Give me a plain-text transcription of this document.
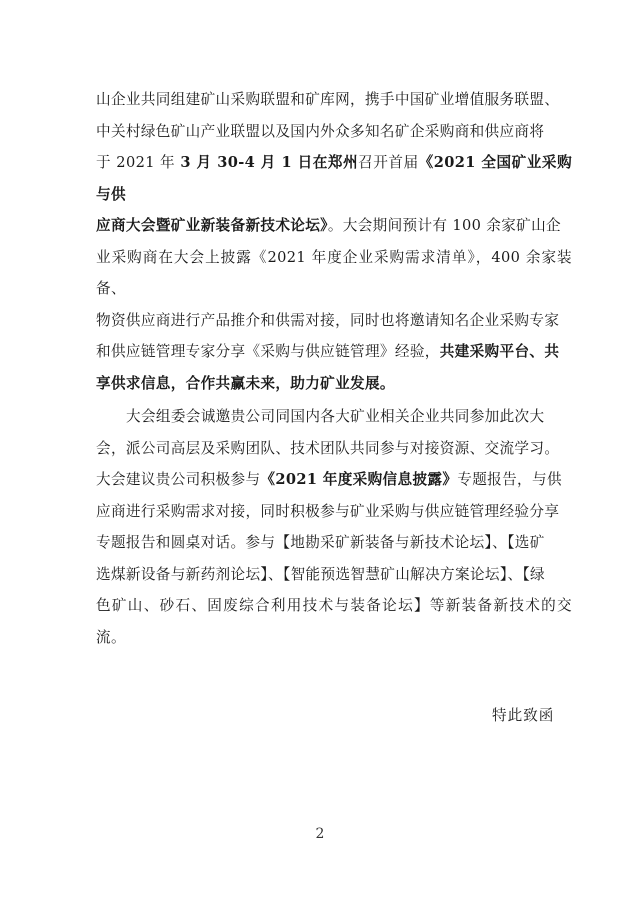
山企业共同组建矿山采购联盟和矿库网，携手中国矿业增值服务联盟、

中关村绿色矿山产业联盟以及国内外众多知名矿企采购商和供应商将

于 2021 年 3 月 30-4 月 1 日在郑州召开首届《2021 全国矿业采购与供

应商大会暨矿业新装备新技术论坛》。大会期间预计有 100 余家矿山企

业采购商在大会上披露《2021 年度企业采购需求清单》，400 余家装备、

物资供应商进行产品推介和供需对接，同时也将邀请知名企业采购专家

和供应链管理专家分享《采购与供应链管理》经验，共建采购平台、共

享供求信息，合作共赢未来，助力矿业发展。

大会组委会诚邀贵公司同国内各大矿业相关企业共同参加此次大

会，派公司高层及采购团队、技术团队共同参与对接资源、交流学习。

大会建议贵公司积极参与《2021 年度采购信息披露》专题报告，与供

应商进行采购需求对接，同时积极参与矿业采购与供应链管理经验分享

专题报告和圆桌对话。参与【地勘采矿新装备与新技术论坛】、【选矿

选煤新设备与新药剂论坛】、【智能预选智慧矿山解决方案论坛】、【绿

色矿山、砂石、固废综合利用技术与装备论坛】等新装备新技术的交流。

特此致函
2
